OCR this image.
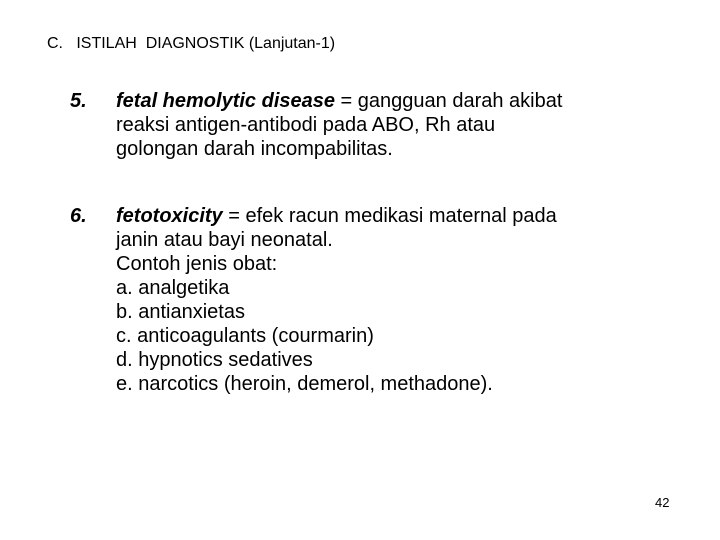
C.   ISTILAH  DIAGNOSTIK (Lanjutan-1)
5. fetal hemolytic disease = gangguan darah akibat
reaksi antigen-antibodi pada ABO, Rh atau
golongan darah incompabilitas.
6. fetotoxicity = efek racun medikasi maternal pada
janin atau bayi neonatal.
Contoh jenis obat:
a. analgetika
b. antianxietas
c. anticoagulants (courmarin)
d. hypnotics sedatives
e. narcotics (heroin, demerol, methadone).
42
